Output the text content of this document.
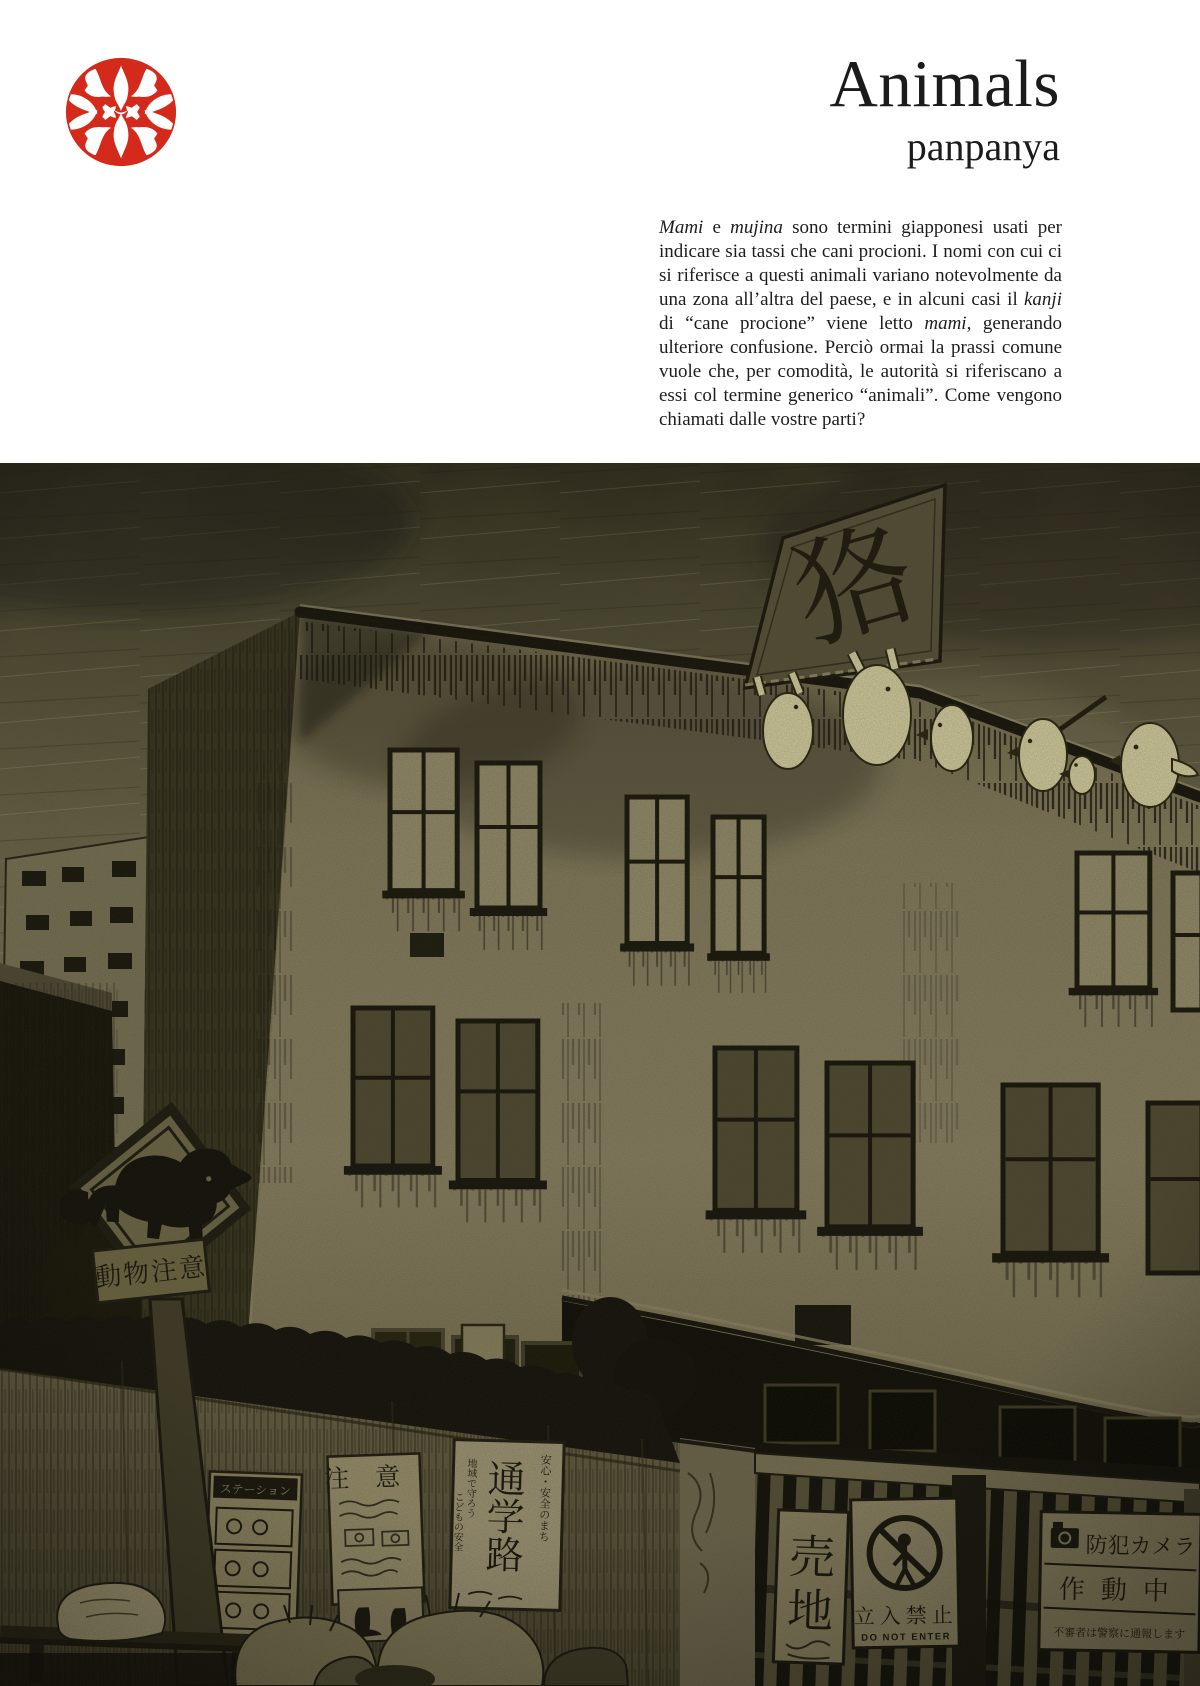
Animals
panpanya

Mami e mujina sono termini giapponesi usati per indicare sia tassi che cani procioni. I nomi con cui ci si riferisce a questi animali variano notevolmente da una zona all’altra del paese, e in alcuni casi il kanji di “cane procione” viene letto mami, generando ulteriore confusione. Perciò ormai la prassi comune vuole che, per comodità, le autorità si riferiscano a essi col termine generico “animali”. Come vengono chiamati dalle vostre parti?
